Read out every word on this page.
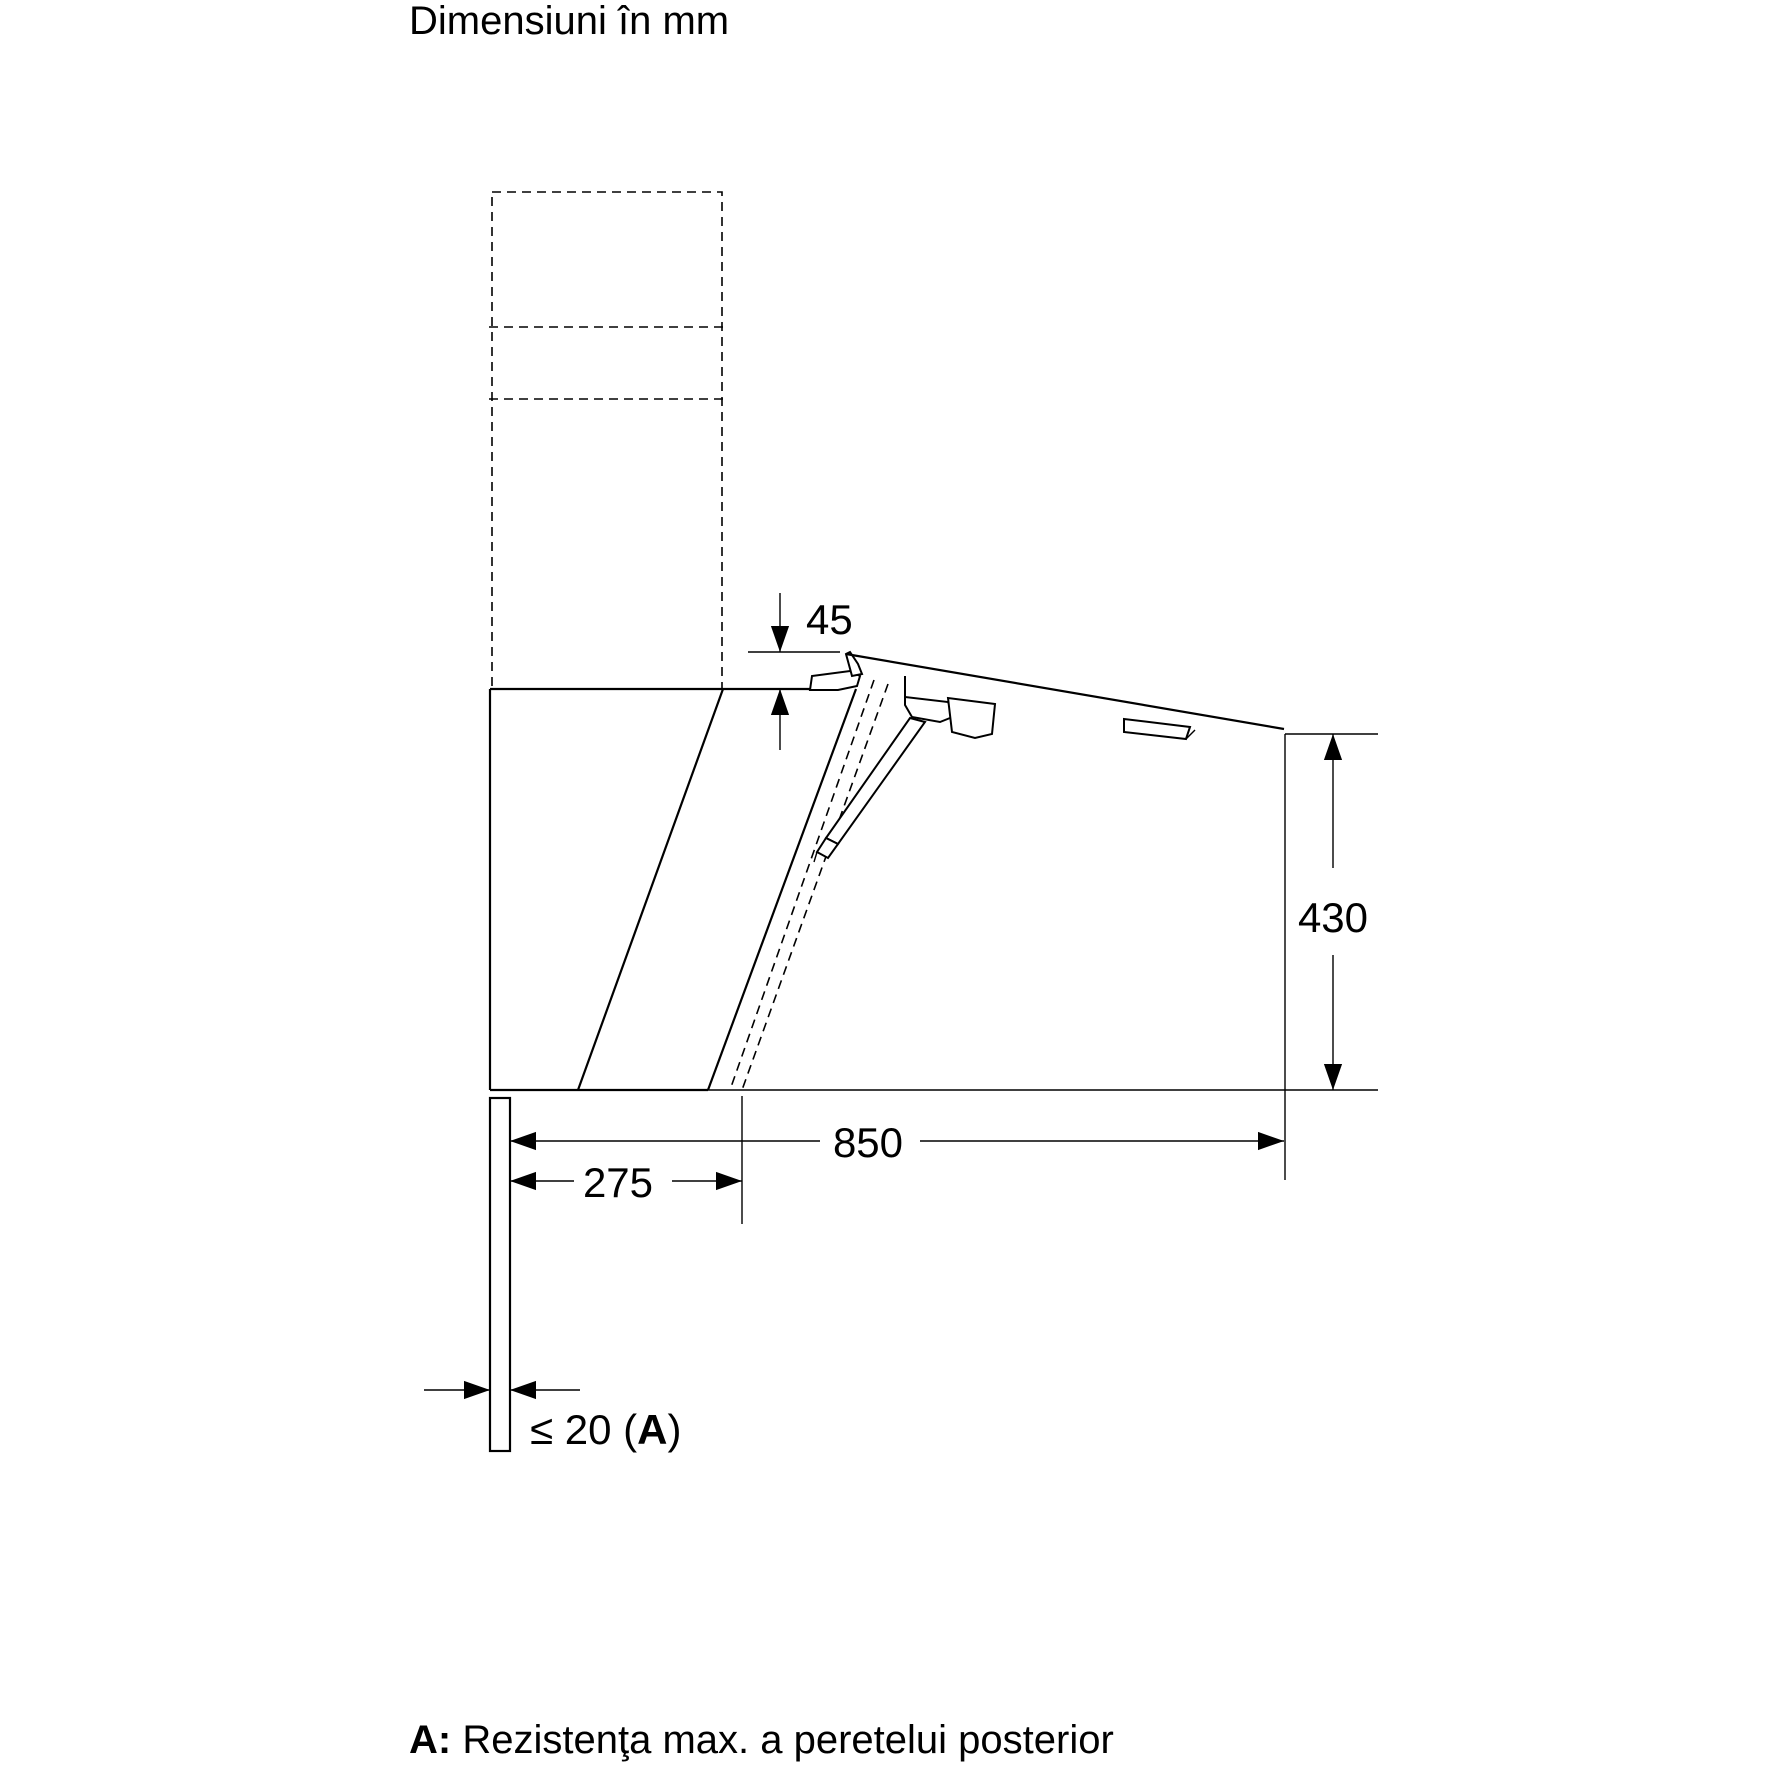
Dimensiuni în mm
45
430
850
275
≤ 20 (A)
A: Rezistenţa max. a peretelui posterior
